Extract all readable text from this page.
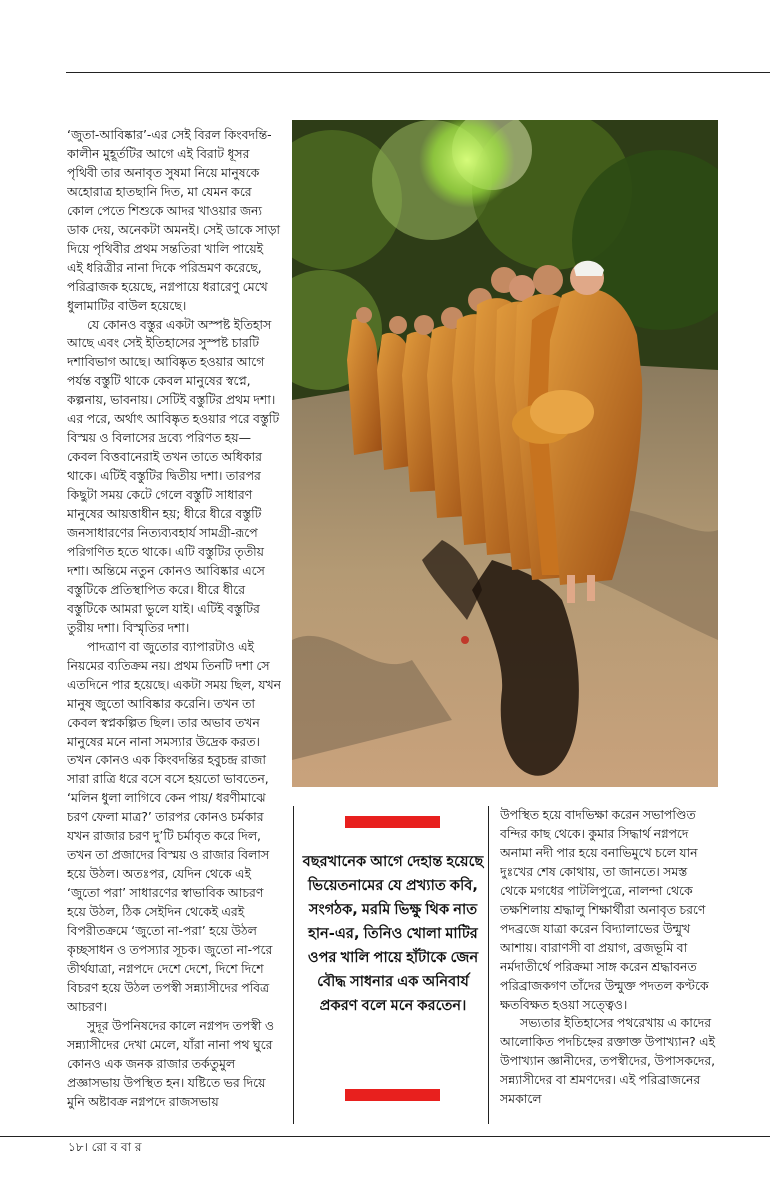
‘জুতা-আবিষ্কার’-এর সেই বিরল কিংবদন্তি-কালীন মুহূর্তটির আগে এই বিরাট ধূসর পৃথিবী তার অনাবৃত সুষমা নিয়ে মানুষকে অহোরাত্র হাতছানি দিত, মা যেমন করে কোল পেতে শিশুকে আদর খাওয়ার জন্য ডাক দেয়, অনেকটা অমনই। সেই ডাকে সাড়া দিয়ে পৃথিবীর প্রথম সন্ততিরা খালি পায়েই এই ধরিত্রীর নানা দিকে পরিভ্রমণ করেছে, পরিব্রাজক হয়েছে, নগ্নপায়ে ধরারেণু মেখে ধুলামাটির বাউল হয়েছে।

যে কোনও বস্তুর একটা অস্পষ্ট ইতিহাস আছে এবং সেই ইতিহাসের সুস্পষ্ট চারটি দশাবিভাগ আছে। আবিষ্কৃত হওয়ার আগে পর্যন্ত বস্তুটি থাকে কেবল মানুষের স্বপ্নে, কল্পনায়, ভাবনায়। সেটিই বস্তুটির প্রথম দশা। এর পরে, অর্থাৎ আবিষ্কৃত হওয়ার পরে বস্তুটি বিস্ময় ও বিলাসের দ্রব্যে পরিণত হয়— কেবল বিত্তবানেরাই তখন তাতে অধিকার থাকে। এটিই বস্তুটির দ্বিতীয় দশা। তারপর কিছুটা সময় কেটে গেলে বস্তুটি সাধারণ মানুষের আয়ত্তাধীন হয়; ধীরে ধীরে বস্তুটি জনসাধারণের নিত্যব্যবহার্য সামগ্রী-রূপে পরিগণিত হতে থাকে। এটি বস্তুটির তৃতীয় দশা। অন্তিমে নতুন কোনও আবিষ্কার এসে বস্তুটিকে প্রতিস্থাপিত করে। ধীরে ধীরে বস্তুটিকে আমরা ভুলে যাই। এটিই বস্তুটির তুরীয় দশা। বিস্মৃতির দশা।

পাদত্রাণ বা জুতোর ব্যাপারটাও এই নিয়মের ব্যতিক্রম নয়। প্রথম তিনটি দশা সে এতদিনে পার হয়েছে। একটা সময় ছিল, যখন মানুষ জুতো আবিষ্কার করেনি। তখন তা কেবল স্বপ্নকল্পিত ছিল। তার অভাব তখন মানুষের মনে নানা সমস্যার উদ্রেক করত। তখন কোনও এক কিংবদন্তির হবুচন্দ্র রাজা সারা রাত্রি ধরে বসে বসে হয়তো ভাবতেন, ‘মলিন ধুলা লাগিবে কেন পায়/ ধরণীমাঝে চরণ ফেলা মাত্র?’ তারপর কোনও চর্মকার যখন রাজার চরণ দু’টি চর্মাবৃত করে দিল, তখন তা প্রজাদের বিস্ময় ও রাজার বিলাস হয়ে উঠল। অতঃপর, যেদিন থেকে এই ‘জুতো পরা’ সাধারণের স্বাভাবিক আচরণ হয়ে উঠল, ঠিক সেইদিন থেকেই এরই বিপরীতক্রমে ‘জুতো না-পরা’ হয়ে উঠল কৃচ্ছসাধন ও তপস্যার সূচক। জুতো না-পরে তীর্থযাত্রা, নগ্নপদে দেশে দেশে, দিশে দিশে বিচরণ হয়ে উঠল তপস্বী সন্ন্যাসীদের পবিত্র আচরণ।

সুদূর উপনিষদের কালে নগ্নপদ তপস্বী ও সন্ন্যাসীদের দেখা মেলে, যাঁরা নানা পথ ঘুরে কোনও এক জনক রাজার তর্কতুমুল প্রজ্ঞাসভায় উপস্থিত হন। যষ্টিতে ভর দিয়ে মুনি অষ্টাবক্র নগ্নপদে রাজসভায়

বছরখানেক আগে দেহান্ত হয়েছে ভিয়েতনামের যে প্রখ্যাত কবি, সংগঠক, মরমি ভিক্ষু থিক নাত হান-এর, তিনিও খোলা মাটির ওপর খালি পায়ে হাঁটাকে জেন বৌদ্ধ সাধনার এক অনিবার্য প্রকরণ বলে মনে করতেন।

উপস্থিত হয়ে বাদভিক্ষা করেন সভাপণ্ডিত বন্দির কাছ থেকে। কুমার সিদ্ধার্থ নগ্নপদে অনামা নদী পার হয়ে বনাভিমুখে চলে যান দুঃখের শেষ কোথায়, তা জানতে। সমস্ত থেকে মগধের পাটলিপুত্রে, নালন্দা থেকে তক্ষশিলায় শ্রদ্ধালু শিক্ষার্থীরা অনাবৃত চরণে পদব্রজে যাত্রা করেন বিদ্যালাভের উন্মুখ আশায়। বারাণসী বা প্রয়াগ, ব্রজভূমি বা নর্মদাতীর্থে পরিক্রমা সাঙ্গ করেন শ্রদ্ধাবনত পরিব্রাজকগণ তাঁদের উন্মুক্ত পদতল কণ্টকে ক্ষতবিক্ষত হওয়া সত্ত্বেও।

সভ্যতার ইতিহাসের পথরেখায় এ কাদের আলোকিত পদচিহ্নের রক্তাক্ত উপাখ্যান? এই উপাখ্যান জ্ঞানীদের, তপস্বীদের, উপাসকদের, সন্ন্যাসীদের বা শ্রমণদের। এই পরিব্রাজনের সমকালে

১৮। রো ব বা র
